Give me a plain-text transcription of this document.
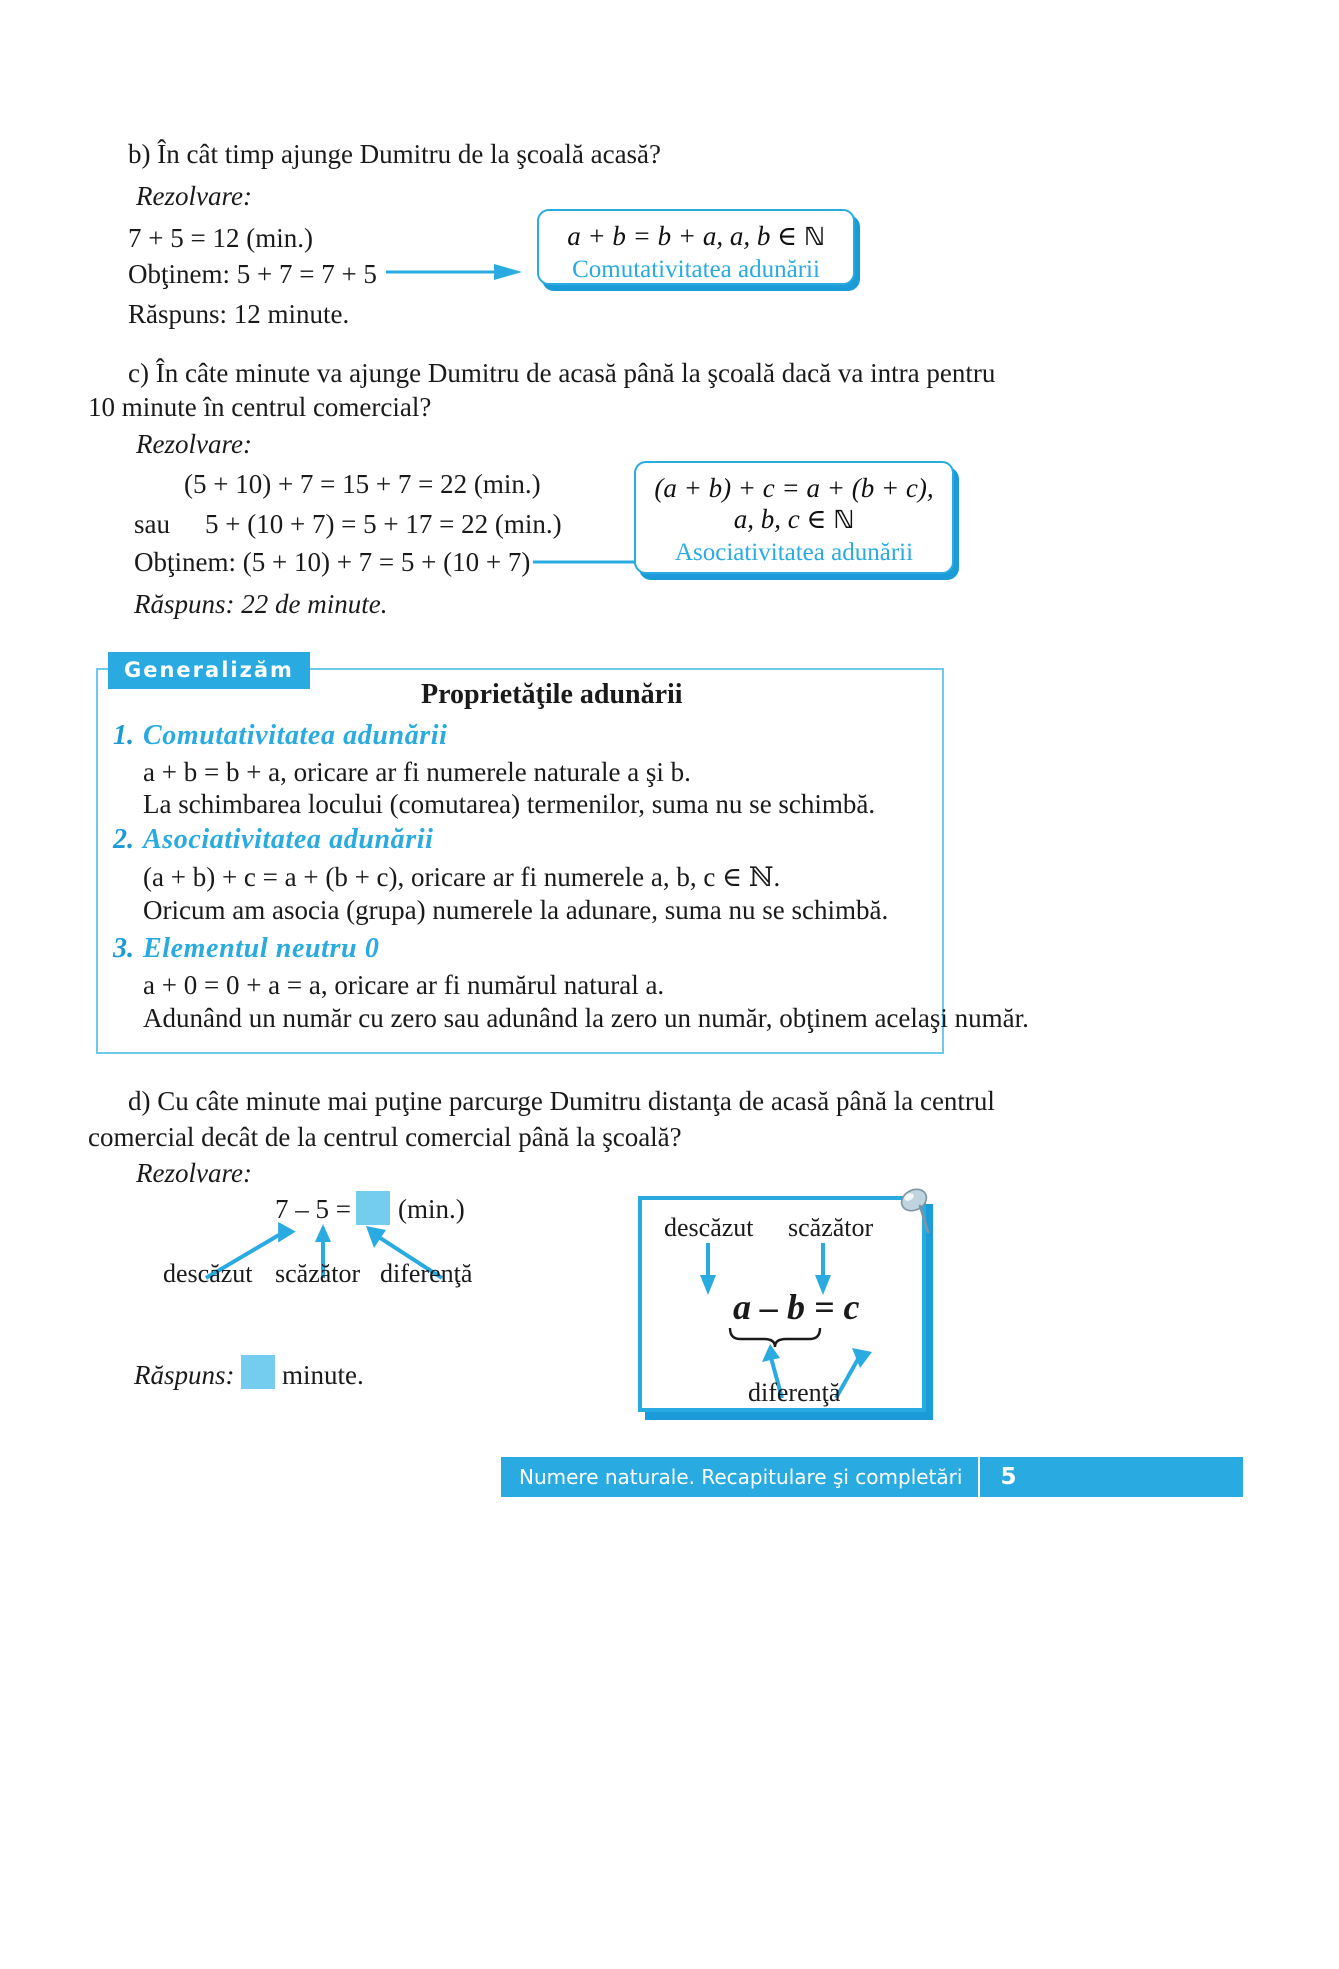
b) În cât timp ajunge Dumitru de la şcoală acasă?
Rezolvare:
7 + 5 = 12 (min.)
Obţinem: 5 + 7 = 7 + 5
Răspuns: 12 minute.
a + b = b + a, a, b ∈ ℕ
Comutativitatea adunării
c) În câte minute va ajunge Dumitru de acasă până la şcoală dacă va intra pentru
10 minute în centrul comercial?
Rezolvare:
(5 + 10) + 7 = 15 + 7 = 22 (min.)
sau 5 + (10 + 7) = 5 + 17 = 22 (min.)
Obţinem: (5 + 10) + 7 = 5 + (10 + 7)
Răspuns: 22 de minute.
(a + b) + c = a + (b + c),
a, b, c ∈ ℕ
Asociativitatea adunării
Generalizăm
Proprietăţile adunării
1. Comutativitatea adunării
a + b = b + a, oricare ar fi numerele naturale a şi b.
La schimbarea locului (comutarea) termenilor, suma nu se schimbă.
2. Asociativitatea adunării
(a + b) + c = a + (b + c), oricare ar fi numerele a, b, c ∈ ℕ.
Oricum am asocia (grupa) numerele la adunare, suma nu se schimbă.
3. Elementul neutru 0
a + 0 = 0 + a = a, oricare ar fi numărul natural a.
Adunând un număr cu zero sau adunând la zero un număr, obţinem acelaşi număr.
d) Cu câte minute mai puţine parcurge Dumitru distanţa de acasă până la centrul
comercial decât de la centrul comercial până la şcoală?
Rezolvare:
7 – 5 = (min.)
descăzut scăzător diferenţă
Răspuns: minute.
descăzut scăzător
a – b = c
diferenţă
Numere naturale. Recapitulare şi completări	5
